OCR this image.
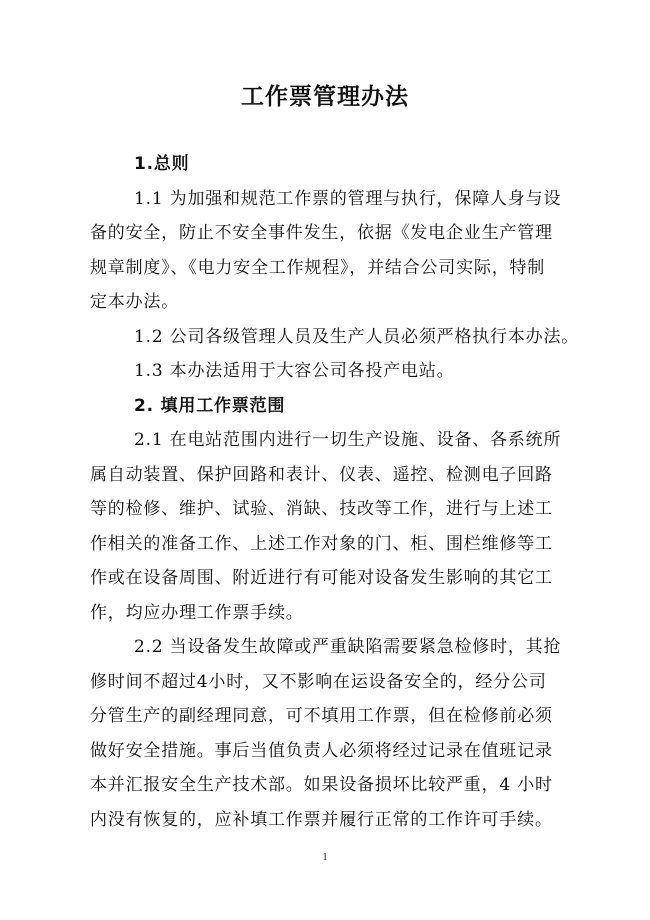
工作票管理办法
1.总则
1.1 为加强和规范工作票的管理与执行，保障人身与设
备的安全，防止不安全事件发生，依据《发电企业生产管理
规章制度》、《电力安全工作规程》，并结合公司实际，特制
定本办法。
1.2 公司各级管理人员及生产人员必须严格执行本办法。
1.3 本办法适用于大容公司各投产电站。
2. 填用工作票范围
2.1 在电站范围内进行一切生产设施、设备、各系统所
属自动装置、保护回路和表计、仪表、遥控、检测电子回路
等的检修、维护、试验、消缺、技改等工作，进行与上述工
作相关的准备工作、上述工作对象的门、柜、围栏维修等工
作或在设备周围、附近进行有可能对设备发生影响的其它工
作，均应办理工作票手续。
2.2 当设备发生故障或严重缺陷需要紧急检修时，其抢
修时间不超过4小时，又不影响在运设备安全的，经分公司
分管生产的副经理同意，可不填用工作票，但在检修前必须
做好安全措施。事后当值负责人必须将经过记录在值班记录
本并汇报安全生产技术部。如果设备损坏比较严重，4 小时
内没有恢复的，应补填工作票并履行正常的工作许可手续。
1
